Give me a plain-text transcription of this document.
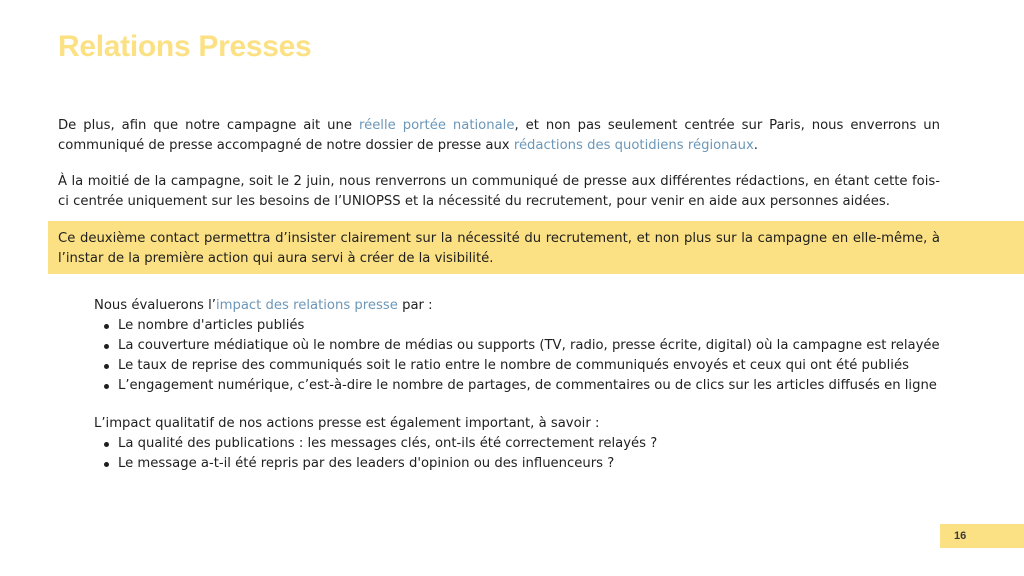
Relations Presses

De plus, afin que notre campagne ait une réelle portée nationale, et non pas seulement centrée sur Paris, nous enverrons un communiqué de presse accompagné de notre dossier de presse aux rédactions des quotidiens régionaux.

À la moitié de la campagne, soit le 2 juin, nous renverrons un communiqué de presse aux différentes rédactions, en étant cette fois-ci centrée uniquement sur les besoins de l’UNIOPSS et la nécessité du recrutement, pour venir en aide aux personnes aidées.

Ce deuxième contact permettra d’insister clairement sur la nécessité du recrutement, et non plus sur la campagne en elle-même, à l’instar de la première action qui aura servi à créer de la visibilité.

Nous évaluerons l’impact des relations presse par :

Le nombre d'articles publiés
La couverture médiatique où le nombre de médias ou supports (TV, radio, presse écrite, digital) où la campagne est relayée
Le taux de reprise des communiqués soit le ratio entre le nombre de communiqués envoyés et ceux qui ont été publiés
L’engagement numérique, c’est-à-dire le nombre de partages, de commentaires ou de clics sur les articles diffusés en ligne

L’impact qualitatif de nos actions presse est également important, à savoir :

La qualité des publications : les messages clés, ont-ils été correctement relayés ?
Le message a-t-il été repris par des leaders d'opinion ou des influenceurs ?
16
